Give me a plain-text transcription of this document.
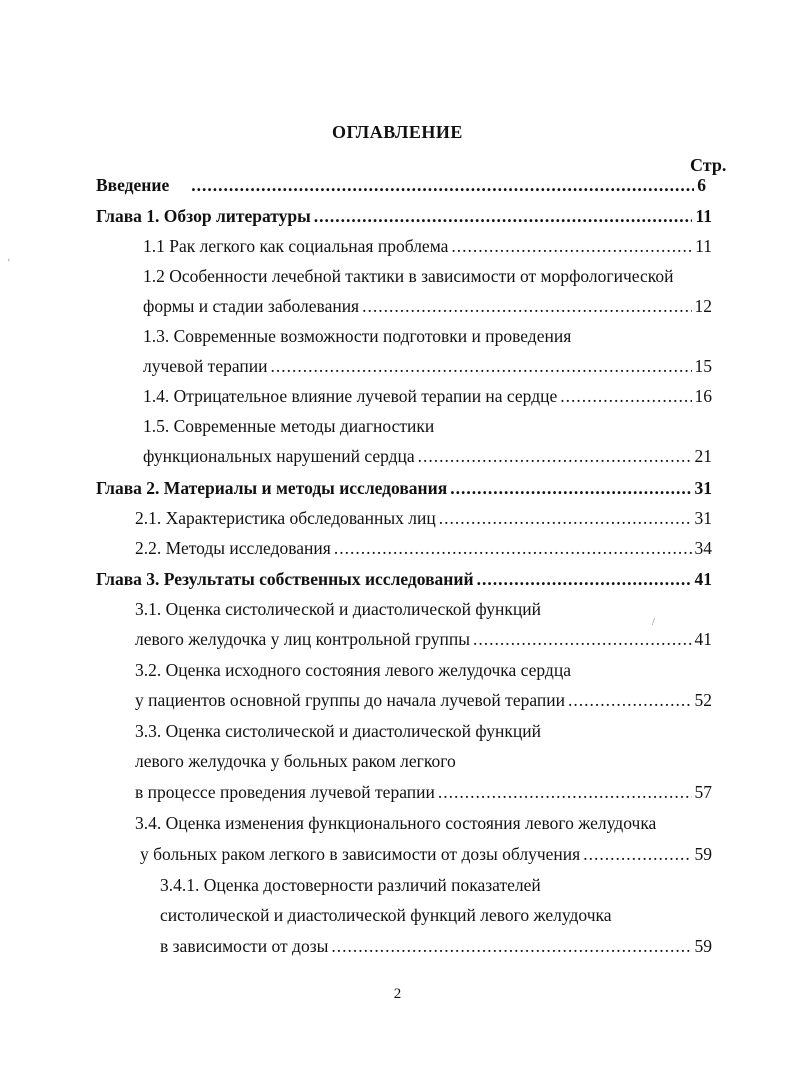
ОГЛАВЛЕНИЕ
Стр.
Введение .....	6
Глава 1. Обзор литературы .....	11
1.1 Рак легкого как социальная проблема .....	11
1.2 Особенности лечебной тактики в зависимости от морфологической
формы и стадии заболевания .....	12
1.3. Современные возможности подготовки и проведения
лучевой терапии .....	15
1.4. Отрицательное влияние лучевой терапии на сердце .....	16
1.5. Современные методы диагностики
функциональных нарушений сердца .....	21
Глава 2. Материалы и методы исследования .....	31
2.1. Характеристика обследованных лиц .....	31
2.2. Методы исследования .....	34
Глава 3. Результаты собственных исследований .....	41
3.1. Оценка систолической и диастолической функций
левого желудочка у лиц контрольной группы .....	41
3.2. Оценка исходного состояния левого желудочка сердца
у пациентов основной группы до начала лучевой терапии .....	52
3.3. Оценка систолической и диастолической функций
левого желудочка у больных раком легкого
в процессе проведения лучевой терапии .....	57
3.4. Оценка изменения функционального состояния левого желудочка
у больных раком легкого в зависимости от дозы облучения .....	59
3.4.1. Оценка достоверности различий показателей
систолической и диастолической функций левого желудочка
в зависимости от дозы .....	59
2
'
/
